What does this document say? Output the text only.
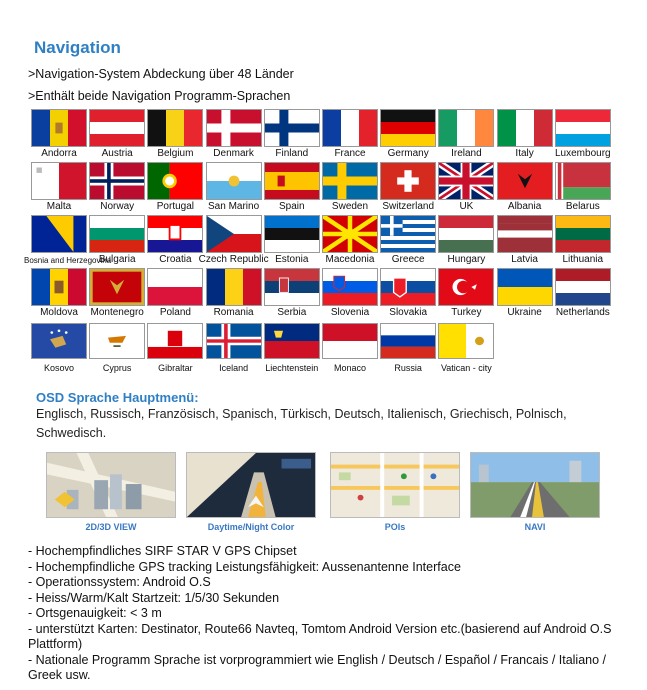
Navigation
>Navigation-System Abdeckung über 48 Länder
>Enthält beide Navigation Programm-Sprachen
Andorra	Austria	Belgium	Denmark	Finland	France	Germany	Ireland	Italy	Luxembourg
Malta	Norway	Portugal	San Marino	Spain	Sweden	Switzerland	UK	Albania	Belarus
Bosnia and Herzegovina
Bulgaria	Croatia Czech Republic Estonia	Macedonia	Greece	Hungary	Latvia	Lithuania
Moldova	Montenegro	Poland	Romania	Serbia	Slovenia	Slovakia	Turkey	Ukraine	Netherlands
Kosovo	Cyprus	Gibraltar	Iceland	Liechtenstein	Monaco	Russia	Vatican - city
OSD Sprache Hauptmenü:
Englisch, Russisch, Französisch, Spanisch, Türkisch, Deutsch, Italienisch, Griechisch, Polnisch, Schwedisch.
2D/3D VIEW	Daytime/Night Color	POIs	NAVI
- Hochempfindliches SIRF STAR V GPS Chipset
- Hochempfindliche GPS tracking Leistungsfähigkeit: Aussenantenne Interface
- Operationssystem: Android O.S
- Heiss/Warm/Kalt Startzeit: 1/5/30 Sekunden
- Ortsgenauigkeit: < 3 m
- unterstützt Karten: Destinator, Route66 Navteq, Tomtom Android Version etc.(basierend auf Android O.S Plattform)
- Nationale Programm Sprache ist vorprogrammiert wie English / Deutsch / Español / Francais / Italiano / Greek usw.
